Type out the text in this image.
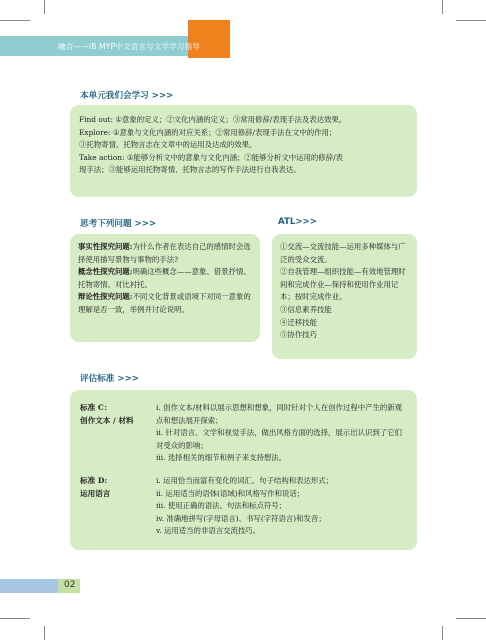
融合——IB MYP中文语言与文学学习指导
本单元我们会学习 >>>
Find out: ①意象的定义；②文化内涵的定义；③常用修辞/表现手法及表达效果。
Explore: ①意象与文化内涵的对应关系；②常用修辞/表现手法在文中的作用；
③托物寄情、托物言志在文章中的运用及达成的效果。
Take action: ①能够分析文中的意象与文化内涵；②能够分析文中运用的修辞/表
现手法；③能够运用托物寄情、托物言志的写作手法进行自我表达。
思考下列问题 >>>
事实性探究问题:为什么作者在表达自己的感情时会选择使用描写景物与事物的手法?
概念性探究问题:明确这些概念——意象、借景抒情、托物寄情、对比衬托。
辩论性探究问题:不同文化背景或语境下对同一意象的理解是否一致，举例并讨论说明。
ATL>>>
①交流—交流技能—运用多种媒体与广泛的受众交流。
②自我管理—组织技能—有效地管理时间和完成作业—保持和使用作业用记本；按时完成作业。
③信息素养技能
④迁移技能
⑤协作技巧
评估标准 >>>
标准 C：
创作文本 / 材料
i. 创作文本/材料以展示思想和想象，同时针对个人在创作过程中产生的新观点和想法展开探索；
ii. 针对语言、文学和视觉手法，做出风格方面的选择，展示出认识到了它们对受众的影响；
iii. 选择相关的细节和例子来支持想法。
标准 D:
运用语言
i. 运用恰当而富有变化的词汇、句子结构和表达形式；
ii. 运用适当的语体(语域)和风格写作和说话；
iii. 使用正确的语法、句法和标点符号；
iv. 准确地拼写(字母语言)、书写(字符语言)和发音；
v. 运用适当的非语言交流技巧。
02
